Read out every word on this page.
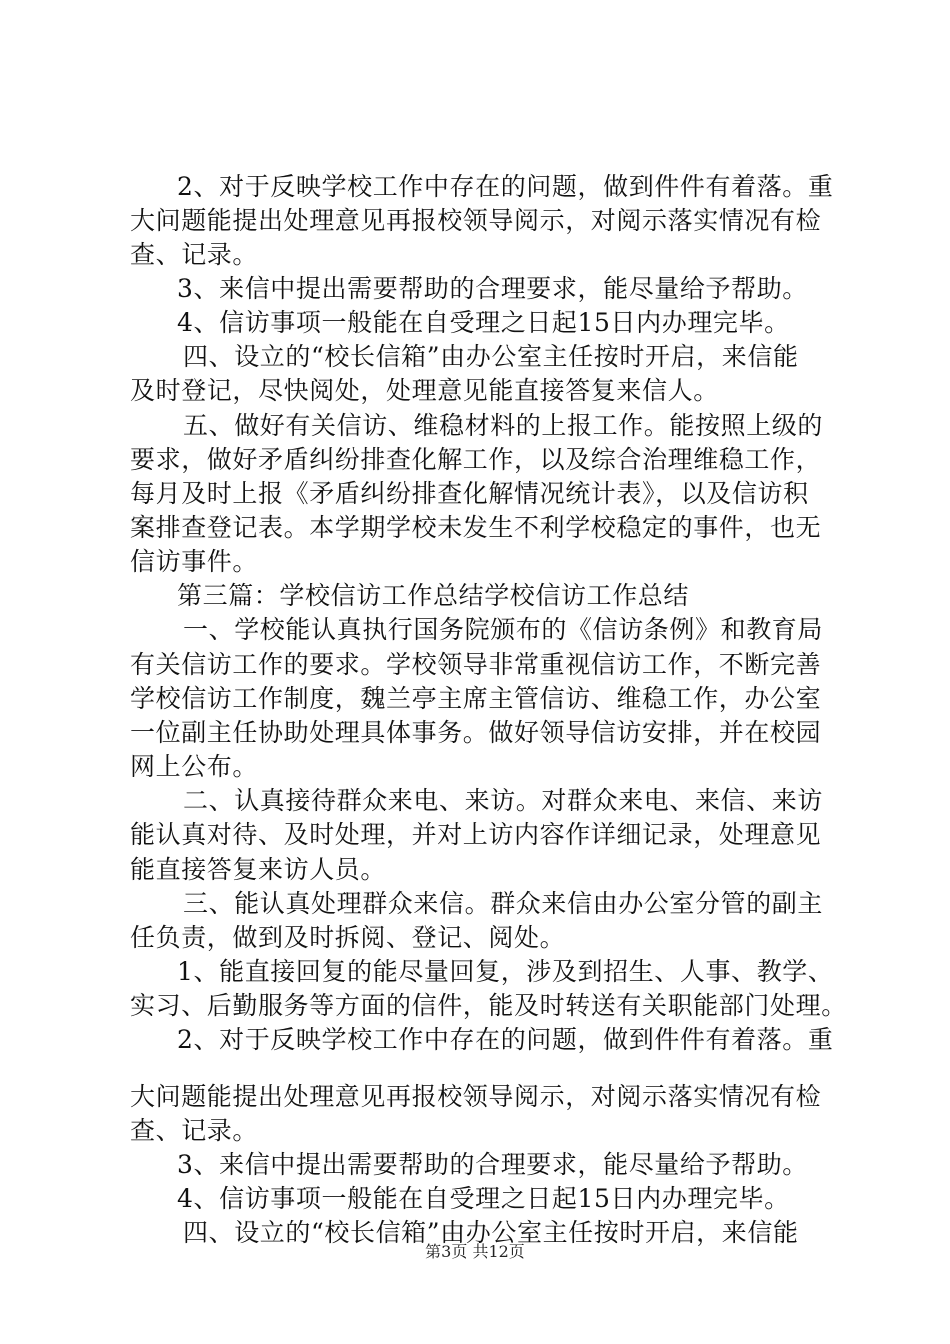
2、对于反映学校工作中存在的问题，做到件件有着落。重
大问题能提出处理意见再报校领导阅示，对阅示落实情况有检
查、记录。
3、来信中提出需要帮助的合理要求，能尽量给予帮助。
4、信访事项一般能在自受理之日起15日内办理完毕。
四、设立的“校长信箱”由办公室主任按时开启，来信能
及时登记，尽快阅处，处理意见能直接答复来信人。
五、做好有关信访、维稳材料的上报工作。能按照上级的
要求，做好矛盾纠纷排查化解工作，以及综合治理维稳工作，
每月及时上报《矛盾纠纷排查化解情况统计表》，以及信访积
案排查登记表。本学期学校未发生不利学校稳定的事件，也无
信访事件。
第三篇：学校信访工作总结学校信访工作总结
一、学校能认真执行国务院颁布的《信访条例》和教育局
有关信访工作的要求。学校领导非常重视信访工作，不断完善
学校信访工作制度，魏兰亭主席主管信访、维稳工作，办公室
一位副主任协助处理具体事务。做好领导信访安排，并在校园
网上公布。
二、认真接待群众来电、来访。对群众来电、来信、来访
能认真对待、及时处理，并对上访内容作详细记录，处理意见
能直接答复来访人员。
三、能认真处理群众来信。群众来信由办公室分管的副主
任负责，做到及时拆阅、登记、阅处。
1、能直接回复的能尽量回复，涉及到招生、人事、教学、
实习、后勤服务等方面的信件，能及时转送有关职能部门处理。
2、对于反映学校工作中存在的问题，做到件件有着落。重
大问题能提出处理意见再报校领导阅示，对阅示落实情况有检
查、记录。
3、来信中提出需要帮助的合理要求，能尽量给予帮助。
4、信访事项一般能在自受理之日起15日内办理完毕。
四、设立的“校长信箱”由办公室主任按时开启，来信能
第3页 共12页
